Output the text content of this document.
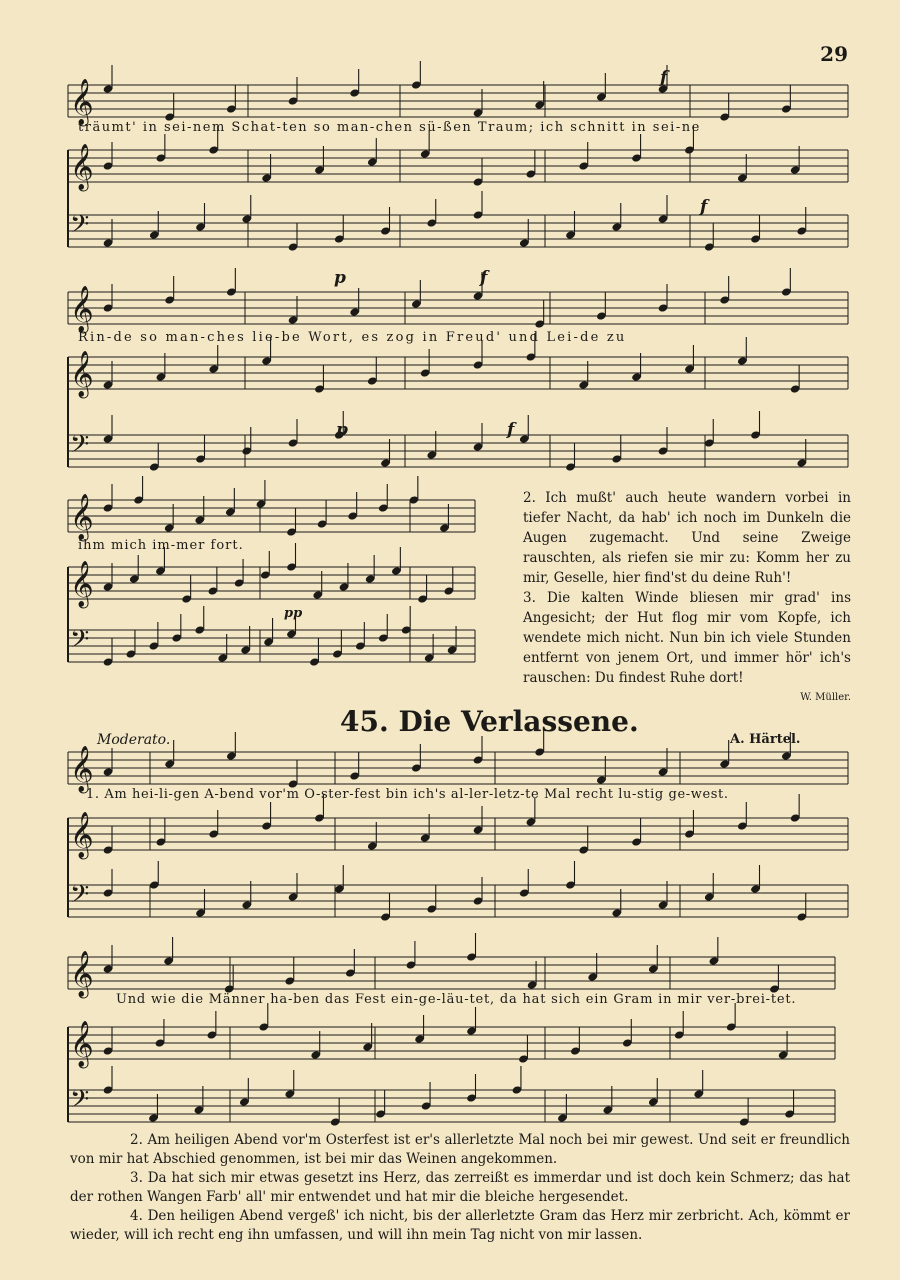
29
𝄞
𝄞
𝄢
𝄞
𝄞
𝄢
𝄞
𝄞
𝄢
𝄞
𝄞
𝄢
𝄞
𝄞
𝄢
f
f
p	f
p	f
pp
träumt' in sei-nem Schat-ten so man-chen sü-ßen Traum; ich schnitt in sei-ne
Rin-de so man-ches lie-be Wort, es zog in Freud' und Lei-de zu
ihm mich im-mer fort.
2. Ich mußt' auch heute wandern vorbei in tiefer Nacht, da hab' ich noch im Dunkeln die Augen zugemacht. Und seine Zweige rauschten, als riefen sie mir zu: Komm her zu mir, Geselle, hier find'st du deine Ruh'!
3. Die kalten Winde bliesen mir grad' ins Angesicht; der Hut flog mir vom Kopfe, ich wendete mich nicht. Nun bin ich viele Stunden entfernt von jenem Ort, und immer hör' ich's rauschen: Du findest Ruhe dort!
W. Müller.
45. Die Verlassene.
Moderato.	A. Härtel.
1. Am hei-li-gen A-bend vor'm O-ster-fest bin ich's al-ler-letz-te Mal recht lu-stig ge-west.
Und wie die Männer ha-ben das Fest ein-ge-läu-tet, da hat sich ein Gram in mir ver-brei-tet.
2. Am heiligen Abend vor'm Osterfest ist er's allerletzte Mal noch bei mir gewest. Und seit er freundlich von mir hat Abschied genommen, ist bei mir das Weinen angekommen.
3. Da hat sich mir etwas gesetzt ins Herz, das zerreißt es immerdar und ist doch kein Schmerz; das hat der rothen Wangen Farb' all' mir entwendet und hat mir die bleiche hergesendet.
4. Den heiligen Abend vergeß' ich nicht, bis der allerletzte Gram das Herz mir zerbricht. Ach, kömmt er wieder, will ich recht eng ihn umfassen, und will ihn mein Tag nicht von mir lassen.
